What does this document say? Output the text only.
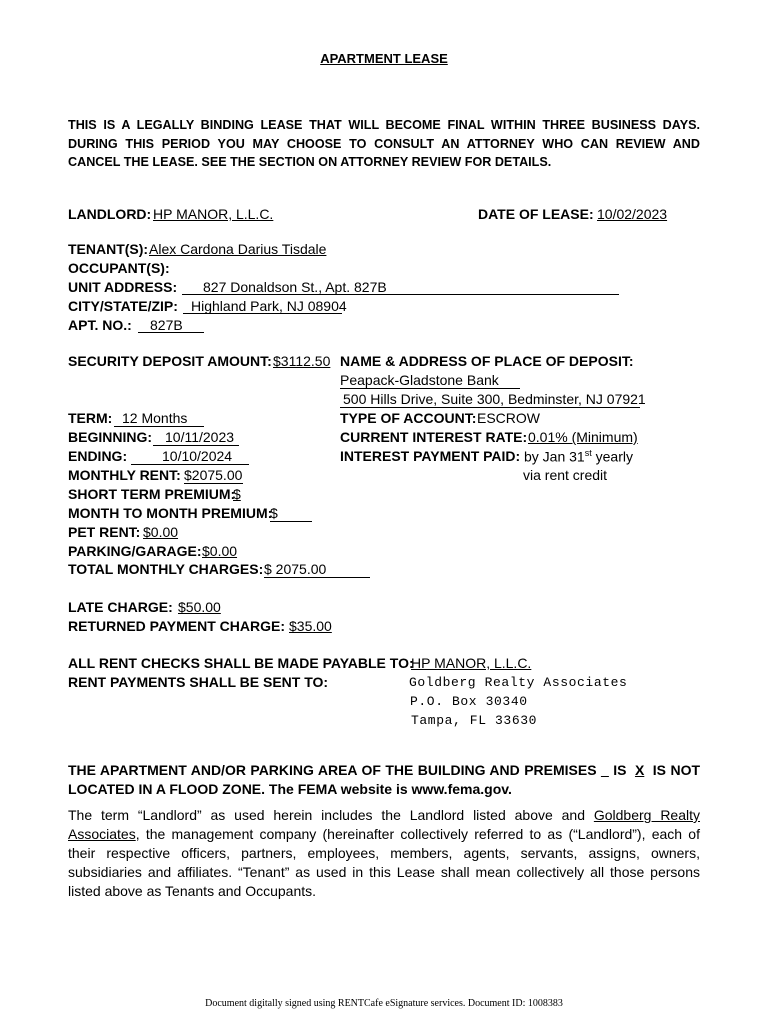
APARTMENT LEASE
THIS IS A LEGALLY BINDING LEASE THAT WILL BECOME FINAL WITHIN THREE BUSINESS DAYS. DURING THIS PERIOD YOU MAY CHOOSE TO CONSULT AN ATTORNEY WHO CAN REVIEW AND CANCEL THE LEASE. SEE THE SECTION ON ATTORNEY REVIEW FOR DETAILS.
LANDLORD: HP MANOR, L.L.C.	DATE OF LEASE: 10/02/2023
TENANT(S): Alex Cardona Darius Tisdale
OCCUPANT(S):
UNIT ADDRESS: 827 Donaldson St., Apt. 827B
CITY/STATE/ZIP: Highland Park, NJ 08904
APT. NO.: 827B
SECURITY DEPOSIT AMOUNT: $3112.50 NAME & ADDRESS OF PLACE OF DEPOSIT:
Peapack-Gladstone Bank
500 Hills Drive, Suite 300, Bedminster, NJ 07921
TERM: 12 Months
BEGINNING: 10/11/2023
ENDING: 10/10/2024
MONTHLY RENT: $2075.00
SHORT TERM PREMIUM:
$
MONTH TO MONTH PREMIUM:
$
PET RENT: $0.00
PARKING/GARAGE: $0.00
TOTAL MONTHLY CHARGES: $ 2075.00
TYPE OF ACCOUNT: ESCROW
CURRENT INTEREST RATE: 0.01% (Minimum)
INTEREST PAYMENT PAID: by Jan 31st yearly
via rent credit
LATE CHARGE: $50.00
RETURNED PAYMENT CHARGE: $35.00
ALL RENT CHECKS SHALL BE MADE PAYABLE TO:
HP MANOR, L.L.C.
RENT PAYMENTS SHALL BE SENT TO:	Goldberg Realty Associates
P.O. Box 30340
Tampa, FL 33630
THE APARTMENT AND/OR PARKING AREA OF THE BUILDING AND PREMISES _ IS X IS NOT LOCATED IN A FLOOD ZONE. The FEMA website is www.fema.gov.
The term “Landlord” as used herein includes the Landlord listed above and Goldberg Realty Associates, the management company (hereinafter collectively referred to as (“Landlord”), each of their respective officers, partners, employees, members, agents, servants, assigns, owners, subsidiaries and affiliates. “Tenant” as used in this Lease shall mean collectively all those persons listed above as Tenants and Occupants.
Document digitally signed using RENTCafe eSignature services. Document ID: 1008383
